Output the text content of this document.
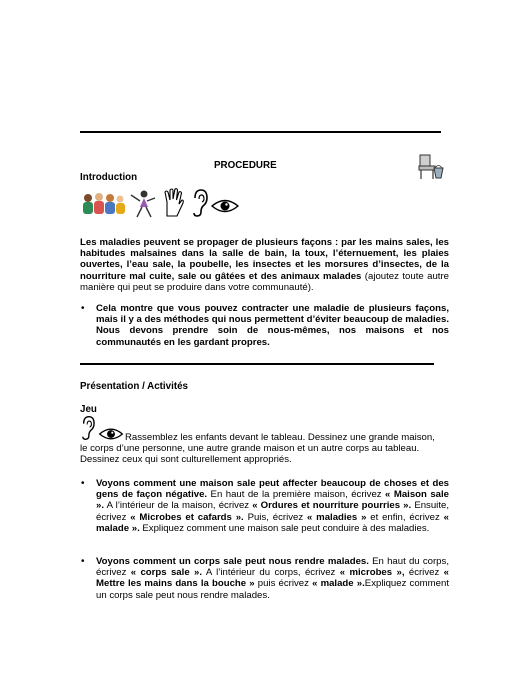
PROCEDURE
Introduction
Les maladies peuvent se propager de plusieurs façons : par les mains sales, les habitudes malsaines dans la salle de bain, la toux, l’éternuement, les plaies ouvertes, l’eau sale, la poubelle, les insectes et les morsures d’insectes, de la nourriture mal cuite, sale ou gâtées et des animaux malades (ajoutez toute autre manière qui peut se produire dans votre communauté).
• Cela montre que vous pouvez contracter une maladie de plusieurs façons, mais il y a des méthodes qui nous permettent d’éviter beaucoup de maladies. Nous devons prendre soin de nous-mêmes, nos maisons et nos communautés en les gardant propres.
Présentation / Activités
Jeu
Rassemblez les enfants devant le tableau. Dessinez une grande maison,
le corps d’une personne, une autre grande maison et un autre corps au tableau. Dessinez ceux qui sont culturellement appropriés.
• Voyons comment une maison sale peut affecter beaucoup de choses et des gens de façon négative. En haut de la première maison, écrivez « Maison sale ». A l’intérieur de la maison, écrivez « Ordures et nourriture pourries ». Ensuite, écrivez « Microbes et cafards ». Puis, écrivez « maladies » et enfin, écrivez « malade ». Expliquez comment une maison sale peut conduire à des maladies.
• Voyons comment un corps sale peut nous rendre malades. En haut du corps, écrivez « corps sale ». A l’intérieur du corps, écrivez « microbes », écrivez « Mettre les mains dans la bouche » puis écrivez « malade ».Expliquez comment un corps sale peut nous rendre malades.
